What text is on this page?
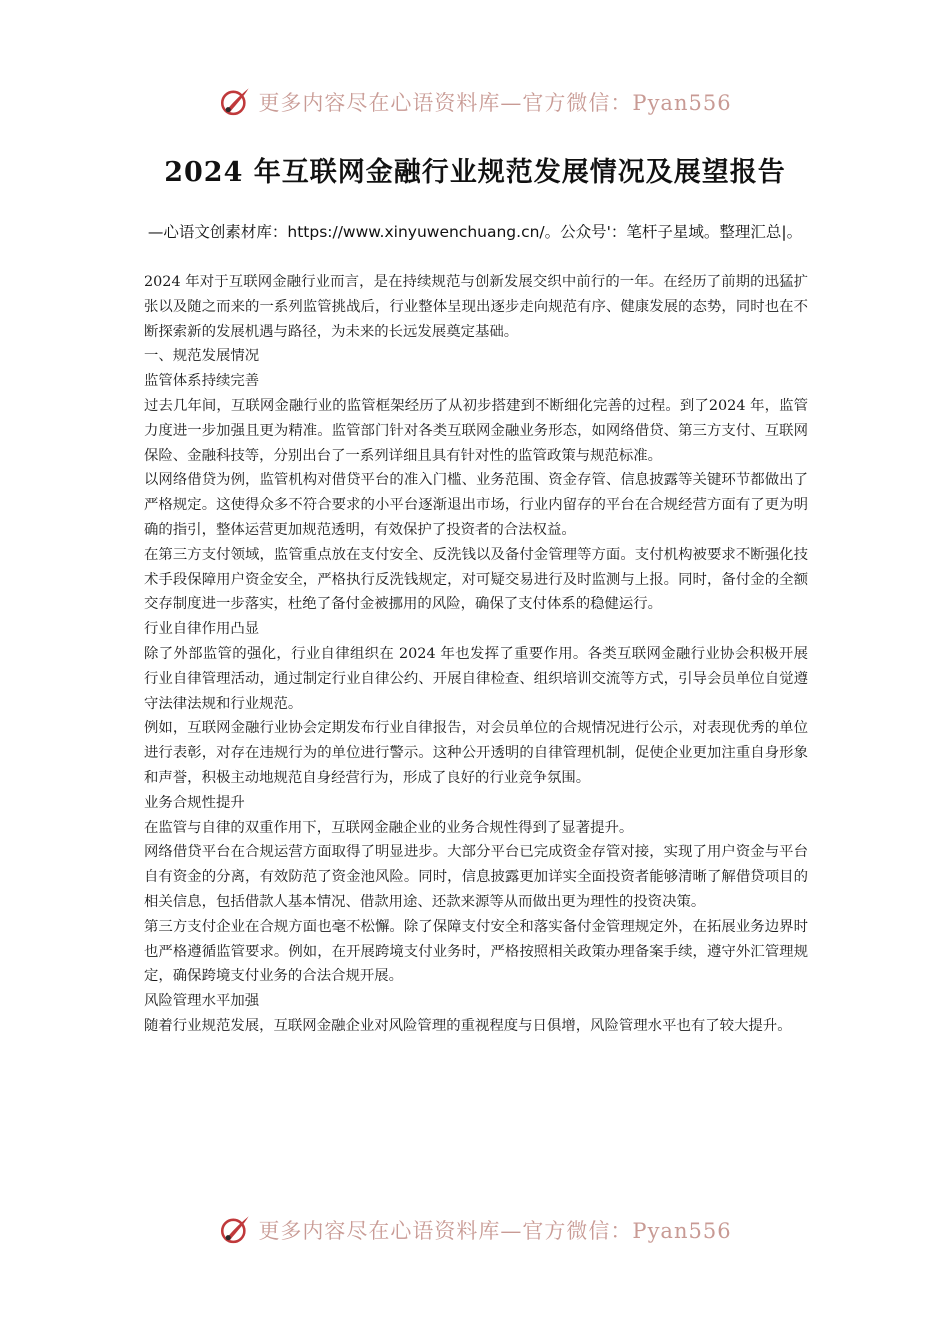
更多内容尽在心语资料库—官方微信：Pyan556
2024 年互联网金融行业规范发展情况及展望报告

—心语文创素材库：https://www.xinyuwenchuang.cn/。公众号'：笔杆子星域。整理汇总|。

2024 年对于互联网金融行业而言，是在持续规范与创新发展交织中前行的一年。在经历了前期的迅猛扩张以及随之而来的一系列监管挑战后，行业整体呈现出逐步走向规范有序、健康发展的态势，同时也在不断探索新的发展机遇与路径，为未来的长远发展奠定基础。

一、规范发展情况

监管体系持续完善

过去几年间，互联网金融行业的监管框架经历了从初步搭建到不断细化完善的过程。到了2024 年，监管力度进一步加强且更为精准。监管部门针对各类互联网金融业务形态，如网络借贷、第三方支付、互联网保险、金融科技等，分别出台了一系列详细且具有针对性的监管政策与规范标准。

以网络借贷为例，监管机构对借贷平台的准入门槛、业务范围、资金存管、信息披露等关键环节都做出了严格规定。这使得众多不符合要求的小平台逐渐退出市场，行业内留存的平台在合规经营方面有了更为明确的指引，整体运营更加规范透明，有效保护了投资者的合法权益。

在第三方支付领域，监管重点放在支付安全、反洗钱以及备付金管理等方面。支付机构被要求不断强化技术手段保障用户资金安全，严格执行反洗钱规定，对可疑交易进行及时监测与上报。同时，备付金的全额交存制度进一步落实，杜绝了备付金被挪用的风险，确保了支付体系的稳健运行。

行业自律作用凸显

除了外部监管的强化，行业自律组织在 2024 年也发挥了重要作用。各类互联网金融行业协会积极开展行业自律管理活动，通过制定行业自律公约、开展自律检查、组织培训交流等方式，引导会员单位自觉遵守法律法规和行业规范。

例如，互联网金融行业协会定期发布行业自律报告，对会员单位的合规情况进行公示，对表现优秀的单位进行表彰，对存在违规行为的单位进行警示。这种公开透明的自律管理机制，促使企业更加注重自身形象和声誉，积极主动地规范自身经营行为，形成了良好的行业竞争氛围。

业务合规性提升

在监管与自律的双重作用下，互联网金融企业的业务合规性得到了显著提升。

网络借贷平台在合规运营方面取得了明显进步。大部分平台已完成资金存管对接，实现了用户资金与平台自有资金的分离，有效防范了资金池风险。同时，信息披露更加详实全面投资者能够清晰了解借贷项目的相关信息，包括借款人基本情况、借款用途、还款来源等从而做出更为理性的投资决策。

第三方支付企业在合规方面也毫不松懈。除了保障支付安全和落实备付金管理规定外，在拓展业务边界时也严格遵循监管要求。例如，在开展跨境支付业务时，严格按照相关政策办理备案手续，遵守外汇管理规定，确保跨境支付业务的合法合规开展。

风险管理水平加强

随着行业规范发展，互联网金融企业对风险管理的重视程度与日俱增，风险管理水平也有了较大提升。

更多内容尽在心语资料库—官方微信：Pyan556
